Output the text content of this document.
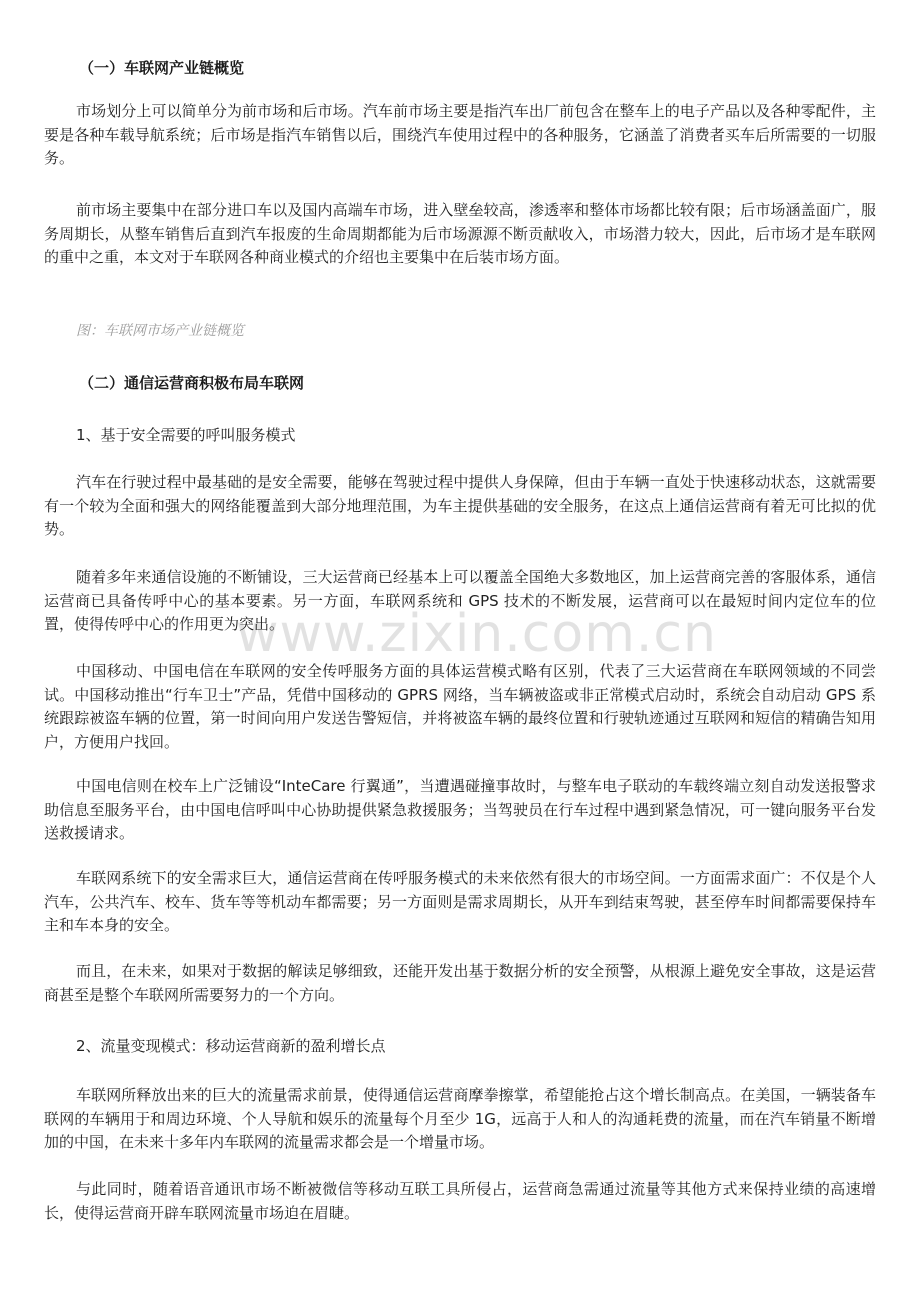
www.zixin.com.cn
（一）车联网产业链概览
市场划分上可以简单分为前市场和后市场。汽车前市场主要是指汽车出厂前包含在整车上的电子产品以及各种零配件，主要是各种车载导航系统；后市场是指汽车销售以后，围绕汽车使用过程中的各种服务，它涵盖了消费者买车后所需要的一切服务。
前市场主要集中在部分进口车以及国内高端车市场，进入壁垒较高，渗透率和整体市场都比较有限；后市场涵盖面广，服务周期长，从整车销售后直到汽车报废的生命周期都能为后市场源源不断贡献收入，市场潜力较大，因此，后市场才是车联网的重中之重，本文对于车联网各种商业模式的介绍也主要集中在后装市场方面。
图：车联网市场产业链概览
（二）通信运营商积极布局车联网
1、基于安全需要的呼叫服务模式
汽车在行驶过程中最基础的是安全需要，能够在驾驶过程中提供人身保障，但由于车辆一直处于快速移动状态，这就需要有一个较为全面和强大的网络能覆盖到大部分地理范围，为车主提供基础的安全服务，在这点上通信运营商有着无可比拟的优势。
随着多年来通信设施的不断铺设，三大运营商已经基本上可以覆盖全国绝大多数地区，加上运营商完善的客服体系，通信运营商已具备传呼中心的基本要素。另一方面，车联网系统和 GPS 技术的不断发展，运营商可以在最短时间内定位车的位置，使得传呼中心的作用更为突出。
中国移动、中国电信在车联网的安全传呼服务方面的具体运营模式略有区别，代表了三大运营商在车联网领域的不同尝试。中国移动推出“行车卫士”产品，凭借中国移动的 GPRS 网络，当车辆被盗或非正常模式启动时，系统会自动启动 GPS 系统跟踪被盗车辆的位置，第一时间向用户发送告警短信，并将被盗车辆的最终位置和行驶轨迹通过互联网和短信的精确告知用户，方便用户找回。
中国电信则在校车上广泛铺设“InteCare 行翼通”，当遭遇碰撞事故时，与整车电子联动的车载终端立刻自动发送报警求助信息至服务平台，由中国电信呼叫中心协助提供紧急救援服务；当驾驶员在行车过程中遇到紧急情况，可一键向服务平台发送救援请求。
车联网系统下的安全需求巨大，通信运营商在传呼服务模式的未来依然有很大的市场空间。一方面需求面广：不仅是个人汽车，公共汽车、校车、货车等等机动车都需要；另一方面则是需求周期长，从开车到结束驾驶，甚至停车时间都需要保持车主和车本身的安全。
而且，在未来，如果对于数据的解读足够细致，还能开发出基于数据分析的安全预警，从根源上避免安全事故，这是运营商甚至是整个车联网所需要努力的一个方向。
2、流量变现模式：移动运营商新的盈利增长点
车联网所释放出来的巨大的流量需求前景，使得通信运营商摩拳擦掌，希望能抢占这个增长制高点。在美国，一辆装备车联网的车辆用于和周边环境、个人导航和娱乐的流量每个月至少 1G，远高于人和人的沟通耗费的流量，而在汽车销量不断增加的中国，在未来十多年内车联网的流量需求都会是一个增量市场。
与此同时，随着语音通讯市场不断被微信等移动互联工具所侵占，运营商急需通过流量等其他方式来保持业绩的高速增长，使得运营商开辟车联网流量市场迫在眉睫。
